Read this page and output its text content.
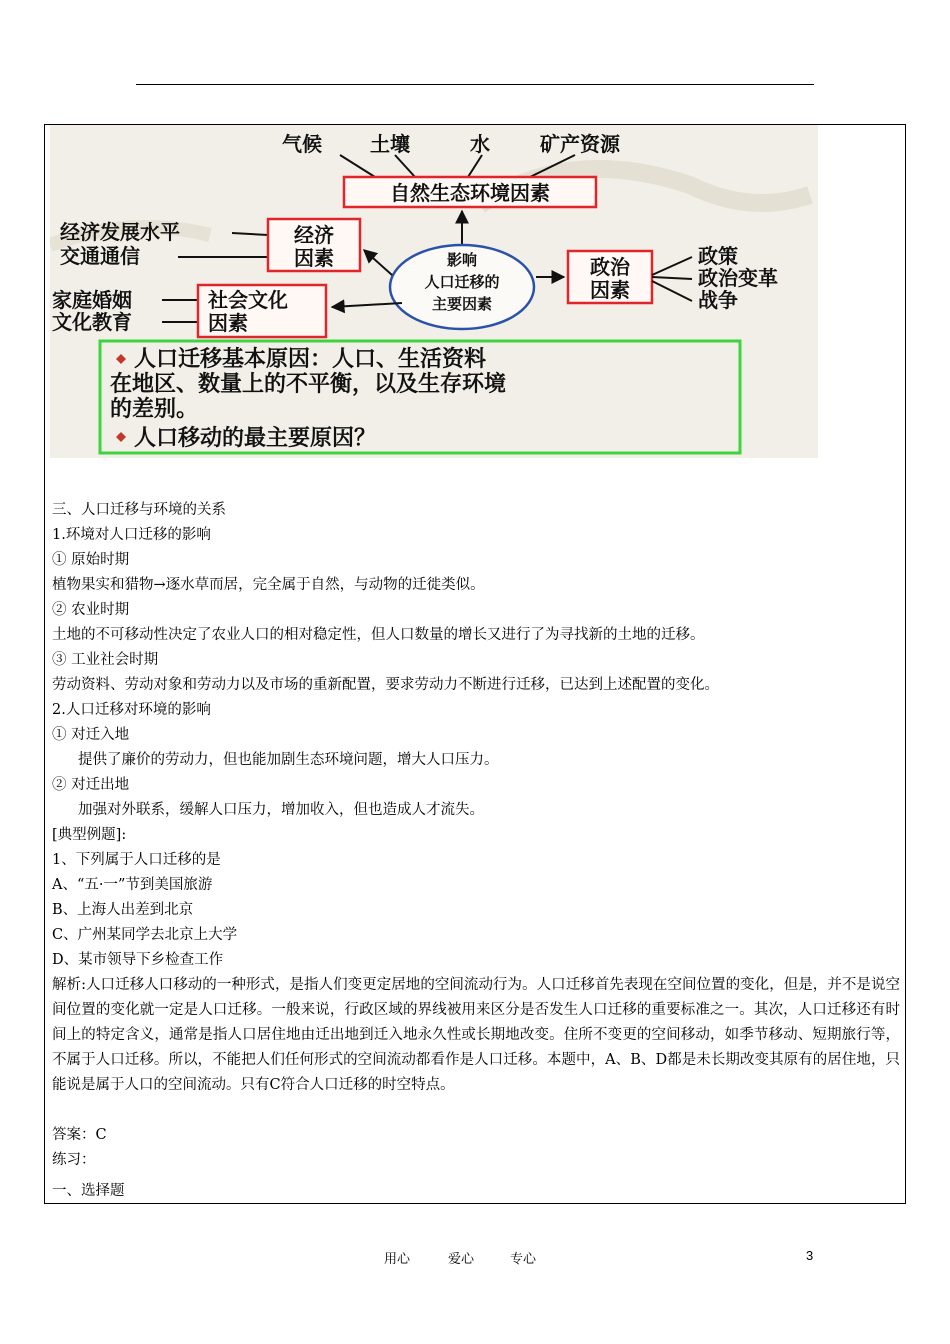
气候 土壤	水	矿产资源
自然生态环境因素
影响
人口迁移的
主要因素
经济发展水平
交通通信
经济
因素	政治
因素
政策
政治变革
战争
家庭婚姻
文化教育
社会文化
因素
人口迁移基本原因：人口、生活资料
在地区、数量上的不平衡，以及生存环境
的差别。
人口移动的最主要原因？
三、人口迁移与环境的关系
1.环境对人口迁移的影响
① 原始时期
植物果实和猎物→逐水草而居，完全属于自然，与动物的迁徙类似。
② 农业时期
土地的不可移动性决定了农业人口的相对稳定性，但人口数量的增长又进行了为寻找新的土地的迁移。
③ 工业社会时期
劳动资料、劳动对象和劳动力以及市场的重新配置，要求劳动力不断进行迁移，已达到上述配置的变化。
2.人口迁移对环境的影响
① 对迁入地
提供了廉价的劳动力，但也能加剧生态环境问题，增大人口压力。
② 对迁出地
加强对外联系，缓解人口压力，增加收入，但也造成人才流失。
[典型例题]:
1、下列属于人口迁移的是
A、“五·一”节到美国旅游
B、上海人出差到北京
C、广州某同学去北京上大学
D、某市领导下乡检查工作
解析:人口迁移人口移动的一种形式，是指人们变更定居地的空间流动行为。人口迁移首先表现在空间位置的变化，但是，并不是说空间位置的变化就一定是人口迁移。一般来说，行政区域的界线被用来区分是否发生人口迁移的重要标准之一。其次，人口迁移还有时间上的特定含义，通常是指人口居住地由迁出地到迁入地永久性或长期地改变。住所不变更的空间移动，如季节移动、短期旅行等，不属于人口迁移。所以，不能把人们任何形式的空间流动都看作是人口迁移。本题中，A、B、D都是未长期改变其原有的居住地，只能说是属于人口的空间流动。只有C符合人口迁移的时空特点。
答案：C
练习：
一、选择题
用心	爱心	专心	3
